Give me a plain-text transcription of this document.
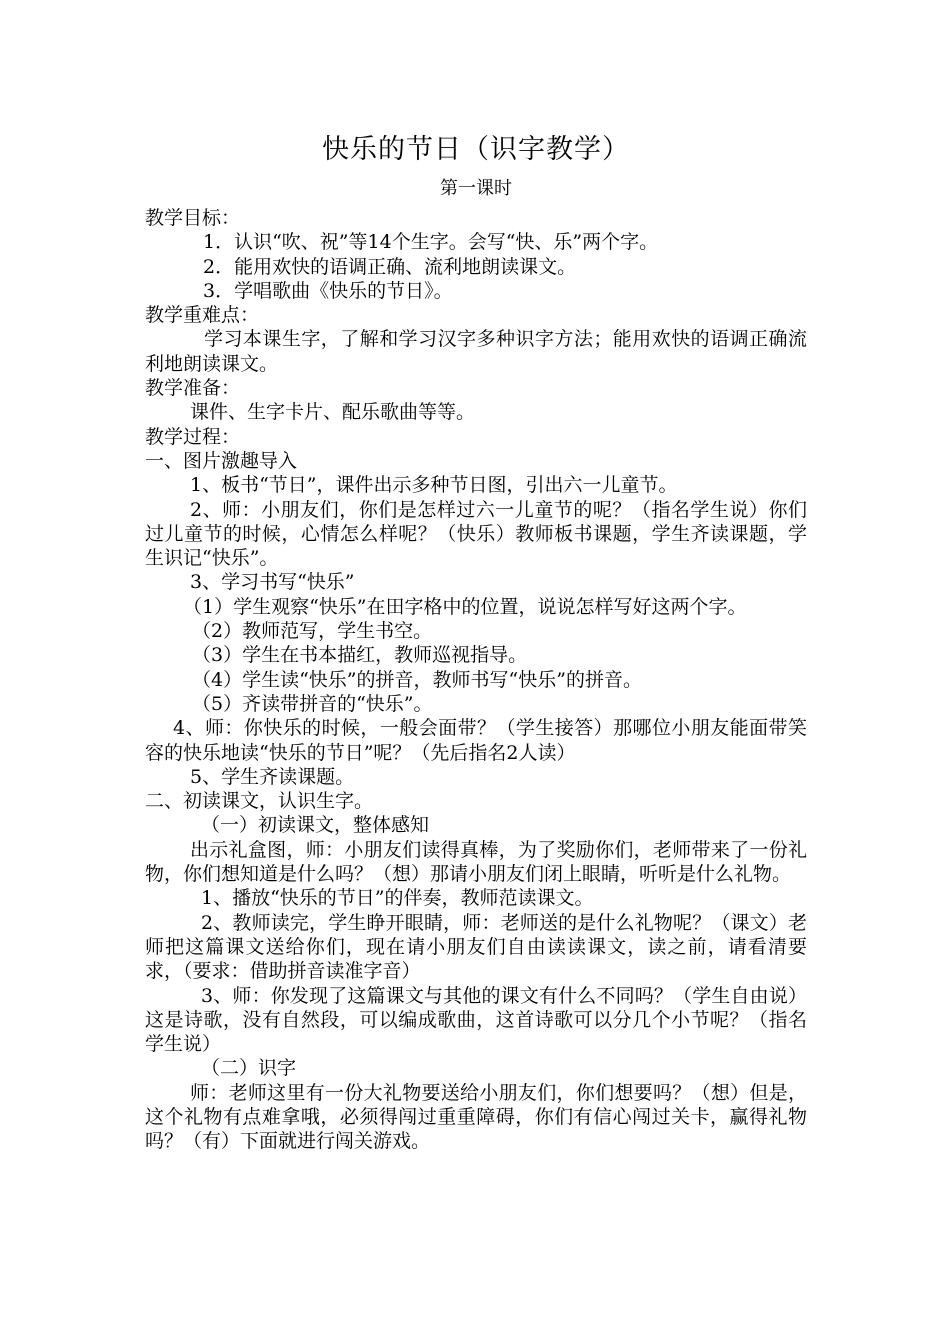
快乐的节日（识字教学）
第一课时

教学目标：

1．认识“吹、祝”等14个生字。会写“快、乐”两个字。

2．能用欢快的语调正确、流利地朗读课文。

3．学唱歌曲《快乐的节日》。

教学重难点：

学习本课生字，了解和学习汉字多种识字方法；能用欢快的语调正确流利地朗读课文。

教学准备：

课件、生字卡片、配乐歌曲等等。

教学过程：

一、图片激趣导入

1、板书“节日”，课件出示多种节日图，引出六一儿童节。

2、师：小朋友们，你们是怎样过六一儿童节的呢？（指名学生说）你们过儿童节的时候，心情怎么样呢？（快乐）教师板书课题，学生齐读课题，学生识记“快乐”。

3、学习书写“快乐”

（1）学生观察“快乐”在田字格中的位置，说说怎样写好这两个字。

（2）教师范写，学生书空。

（3）学生在书本描红，教师巡视指导。

（4）学生读“快乐”的拼音，教师书写“快乐”的拼音。

（5）齐读带拼音的“快乐”。

4、师：你快乐的时候，一般会面带？（学生接答）那哪位小朋友能面带笑容的快乐地读“快乐的节日”呢？（先后指名2人读）

5、学生齐读课题。

二、初读课文，认识生字。

（一）初读课文，整体感知

出示礼盒图，师：小朋友们读得真棒，为了奖励你们，老师带来了一份礼物，你们想知道是什么吗？（想）那请小朋友们闭上眼睛，听听是什么礼物。

1、播放“快乐的节日”的伴奏，教师范读课文。

2、教师读完，学生睁开眼睛，师：老师送的是什么礼物呢？（课文）老师把这篇课文送给你们，现在请小朋友们自由读读课文，读之前，请看清要求，（要求：借助拼音读准字音）

3、师：你发现了这篇课文与其他的课文有什么不同吗？（学生自由说）这是诗歌，没有自然段，可以编成歌曲，这首诗歌可以分几个小节呢？（指名学生说）

（二）识字

师：老师这里有一份大礼物要送给小朋友们，你们想要吗？（想）但是，这个礼物有点难拿哦，必须得闯过重重障碍，你们有信心闯过关卡，赢得礼物吗？（有）下面就进行闯关游戏。
